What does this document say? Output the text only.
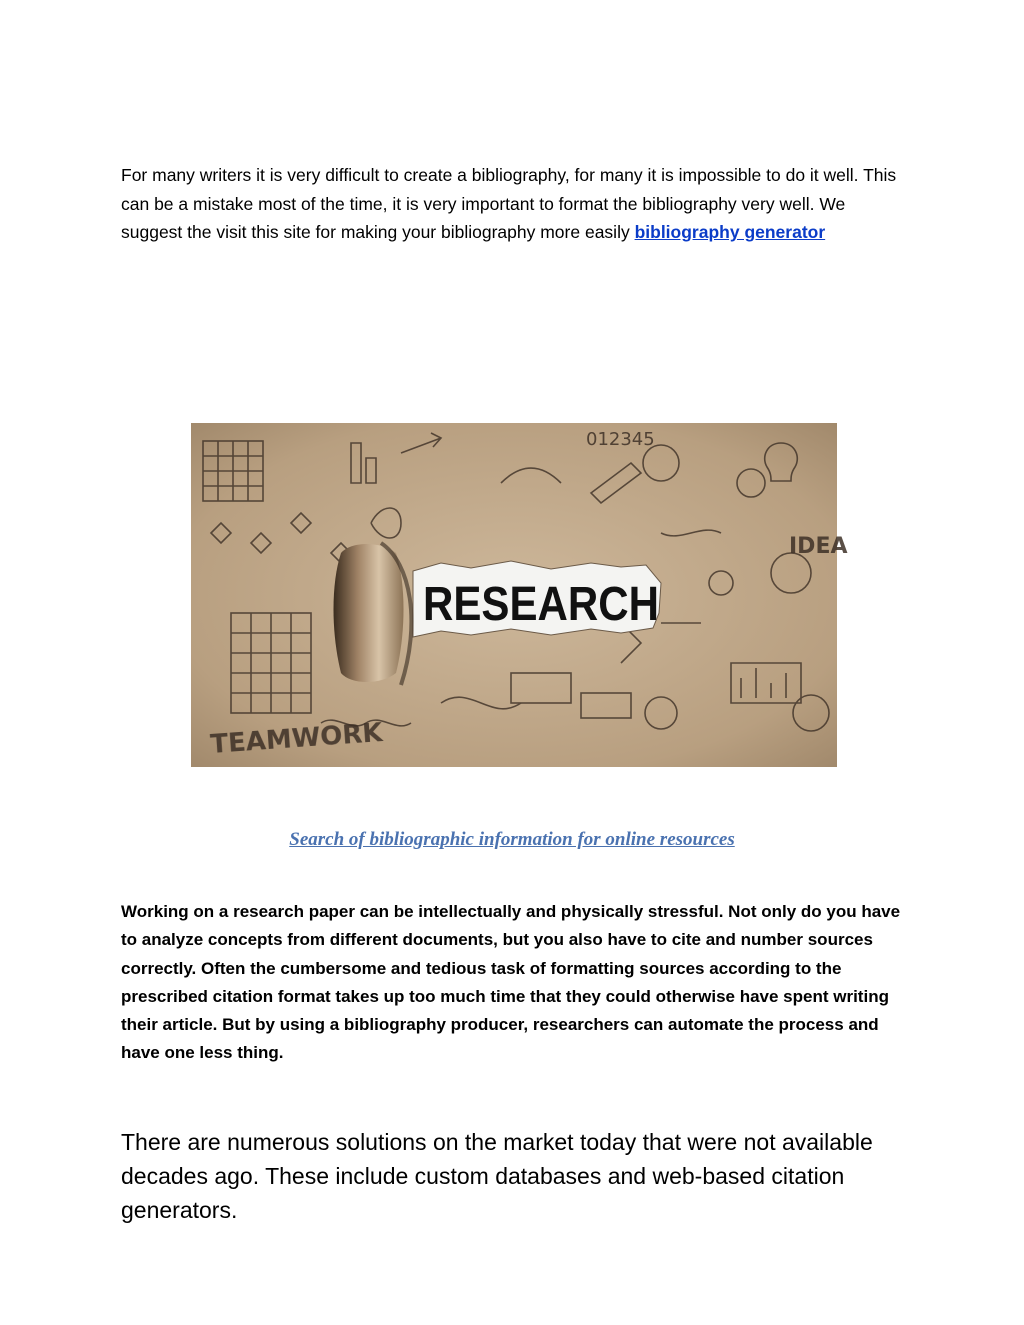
For many writers it is very difficult to create a bibliography, for many it is impossible to do it well. This can be a mistake most of the time, it is very important to format the bibliography very well. We suggest the visit this site for making your bibliography more easily bibliography generator

012345
IDEA
TEAMWORK
RESEARCH
Search of bibliographic information for online resources

Working on a research paper can be intellectually and physically stressful. Not only do you have to analyze concepts from different documents, but you also have to cite and number sources correctly. Often the cumbersome and tedious task of formatting sources according to the prescribed citation format takes up too much time that they could otherwise have spent writing their article. But by using a bibliography producer, researchers can automate the process and have one less thing.

There are numerous solutions on the market today that were not available decades ago. These include custom databases and web-based citation generators.
